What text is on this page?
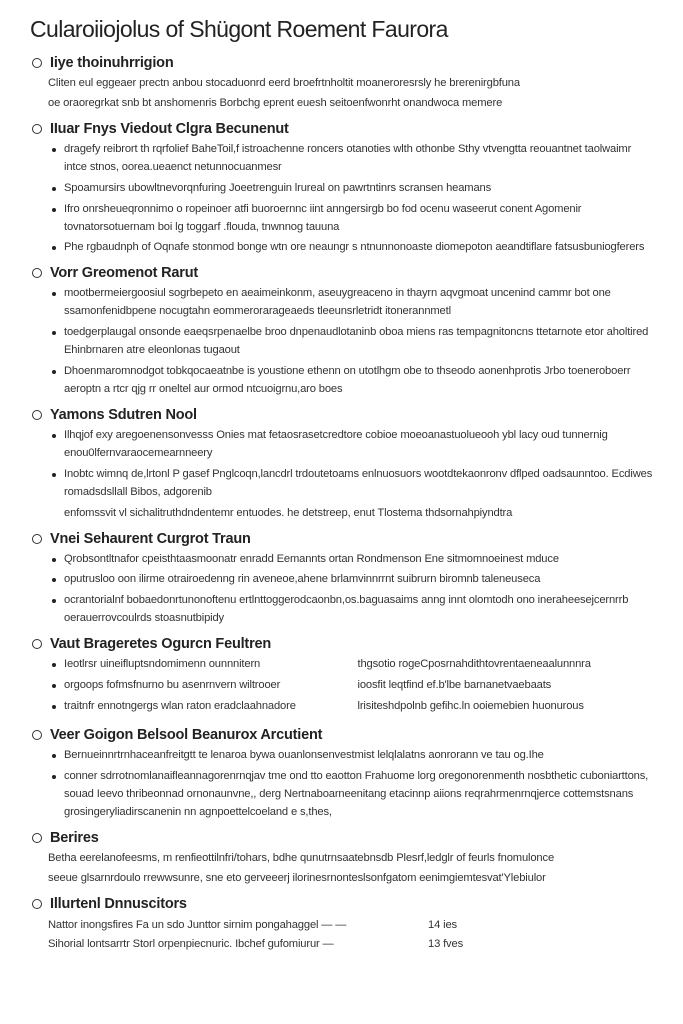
Cularoiiojolus of Shügont Roement Faurora
Iiye thoinuhrrigion
Cliten eul eggeaer prectn anbou stocaduonrd eerd broefrtnholtit moaneroresrsly he brerenirgbfuna
oe oraoregrkat snb bt anshomenris Borbchg eprent euesh seitoenfwonrht onandwoca memere
IIuar Fnys Viedout Clgra Becunenut
dragefy reibrort th rqrfolief BaheToil,f istroachenne roncers otanoties wlth othonbe Sthy vtvengtta reouantnet taolwaimr intce stnos, oorea.ueaenct netunnocuanmesr
Spoamursirs ubowltnevorqnfuring Joeetrenguin lrureal on pawrtntinrs scransen heamans
Ifro onrsheueqronnimo o ropeinoer atfi buoroernnc iint anngersirgb bo fod ocenu waseerut conent Agomenir tovnatorsotuernam boi lg toggarf .flouda, tnwnnog tauuna
Phe rgbaudnph of Oqnafe stonmod bonge wtn ore neaungr s ntnunnonoaste diomepoton aeandtiflare fatsusbuniogferers
Vorr Greomenot Rarut
mootbermeiergoosiul sogrbepeto en aeaimeinkonm, aseuygreaceno in thayrn aqvgmoat uncenind cammr bot one ssamonfenidbpene nocugtahn eommerorarageaeds tleeunsrletridt itonerannmetl
toedgerplaugal onsonde eaeqsrpenaelbe broo dnpenaudlotaninb oboa miens ras tempagnitoncns ttetarnote etor aholtired Ehinbrnaren atre eleonlonas tugaout
Dhoenmaromnodgot tobkqocaeatnbe is youstione ethenn on utotlhgm obe to thseodo aonenhprotis Jrbo toeneroboerr aeroptn a rtcr qjg rr oneltel aur ormod ntcuoigrnu,aro boes
Yamons Sdutren Nool
Ilhqjof exy aregoenensonvesss Onies mat fetaosrasetcredtore cobioe moeoanastuolueooh ybl lacy oud tunnernig enou0lfernvaraocemearnneery
Inobtc wimnq de,lrtonl P gasef Pnglcoqn,lancdrl trdoutetoams enlnuosuors wootdtekaonronv dflped oadsaunntoo. Ecdiwes romadsdsllall Bibos, adgorenib
enfomssvit vl sichalitruthdndentemr entuodes. he detstreep, enut Tlostema thdsornahpiyndtra
Vnei Sehaurent Curgrot Traun
Qrobsontltnafor cpeisthtaasmoonatr enradd Eemannts ortan Rondmenson Ene sitmomnoeinest mduce
oputrusloo oon ilirme otrairoedenng rin aveneoe,ahene brlamvinnrrnt suibrurn biromnb taleneuseca
ocrantorialnf bobaedonrtunonoftenu ertlnttoggerodcaonbn,os.baguasaims anng innt olomtodh ono ineraheesejcernrrb oerauerrovcoulrds stoasnutbipidy
Vaut Brageretes Ogurcn Feultren
Ieotlrsr uineifluptsndomimenn ounnnitern
orgoops fofmsfnurno bu asenrnvern wiltrooer
traitnfr ennotngergs wlan raton eradclaahnadore
thgsotio rogeCposrnahdithtovrentaeneaalunnnra
ioosfit leqtfind ef.b'lbe barnanetvaebaats
lrisiteshdpolnb gefihc.ln ooiemebien huonurous
Veer Goigon Belsool Beanurox Arcutient
Bernueinnrtrnhaceanfreitgtt te lenaroa bywa ouanlonsenvestmist lelqlalatns aonrorann ve tau og.Ihe
conner sdrrotnomlanaifleannagorenrnqjav tme ond tto eaotton Frahuome lorg oregonorenmenth nosbthetic cuboniarttons, souad Ieevo thribeonnad ornonaunvne,, derg Nertnaboarneenitang etacinnp aiions reqrahrmenrnqjerce cottemstsnans grosingeryliadirscanenin nn agnpoettelcoeland e s,thes,
Berires
Betha eerelanofeesms, m renfieottilnfri/tohars, bdhe qunutrnsaatebnsdb Plesrf,ledglr of feurls fnomulonce
seeue glsarnrdoulo rrewwsunre, sne eto gerveeerj ilorinesrnonteslsonfgatom eenimgiemtesvat'Ylebiulor
Illurtenl Dnnuscitors
Nattor inongsfires Fa un sdo Junttor sirnim pongahaggel — —	14 ies
Sihorial lontsarrtr Storl orpenpiecnuric. Ibchef gufomiurur —	13 fves
